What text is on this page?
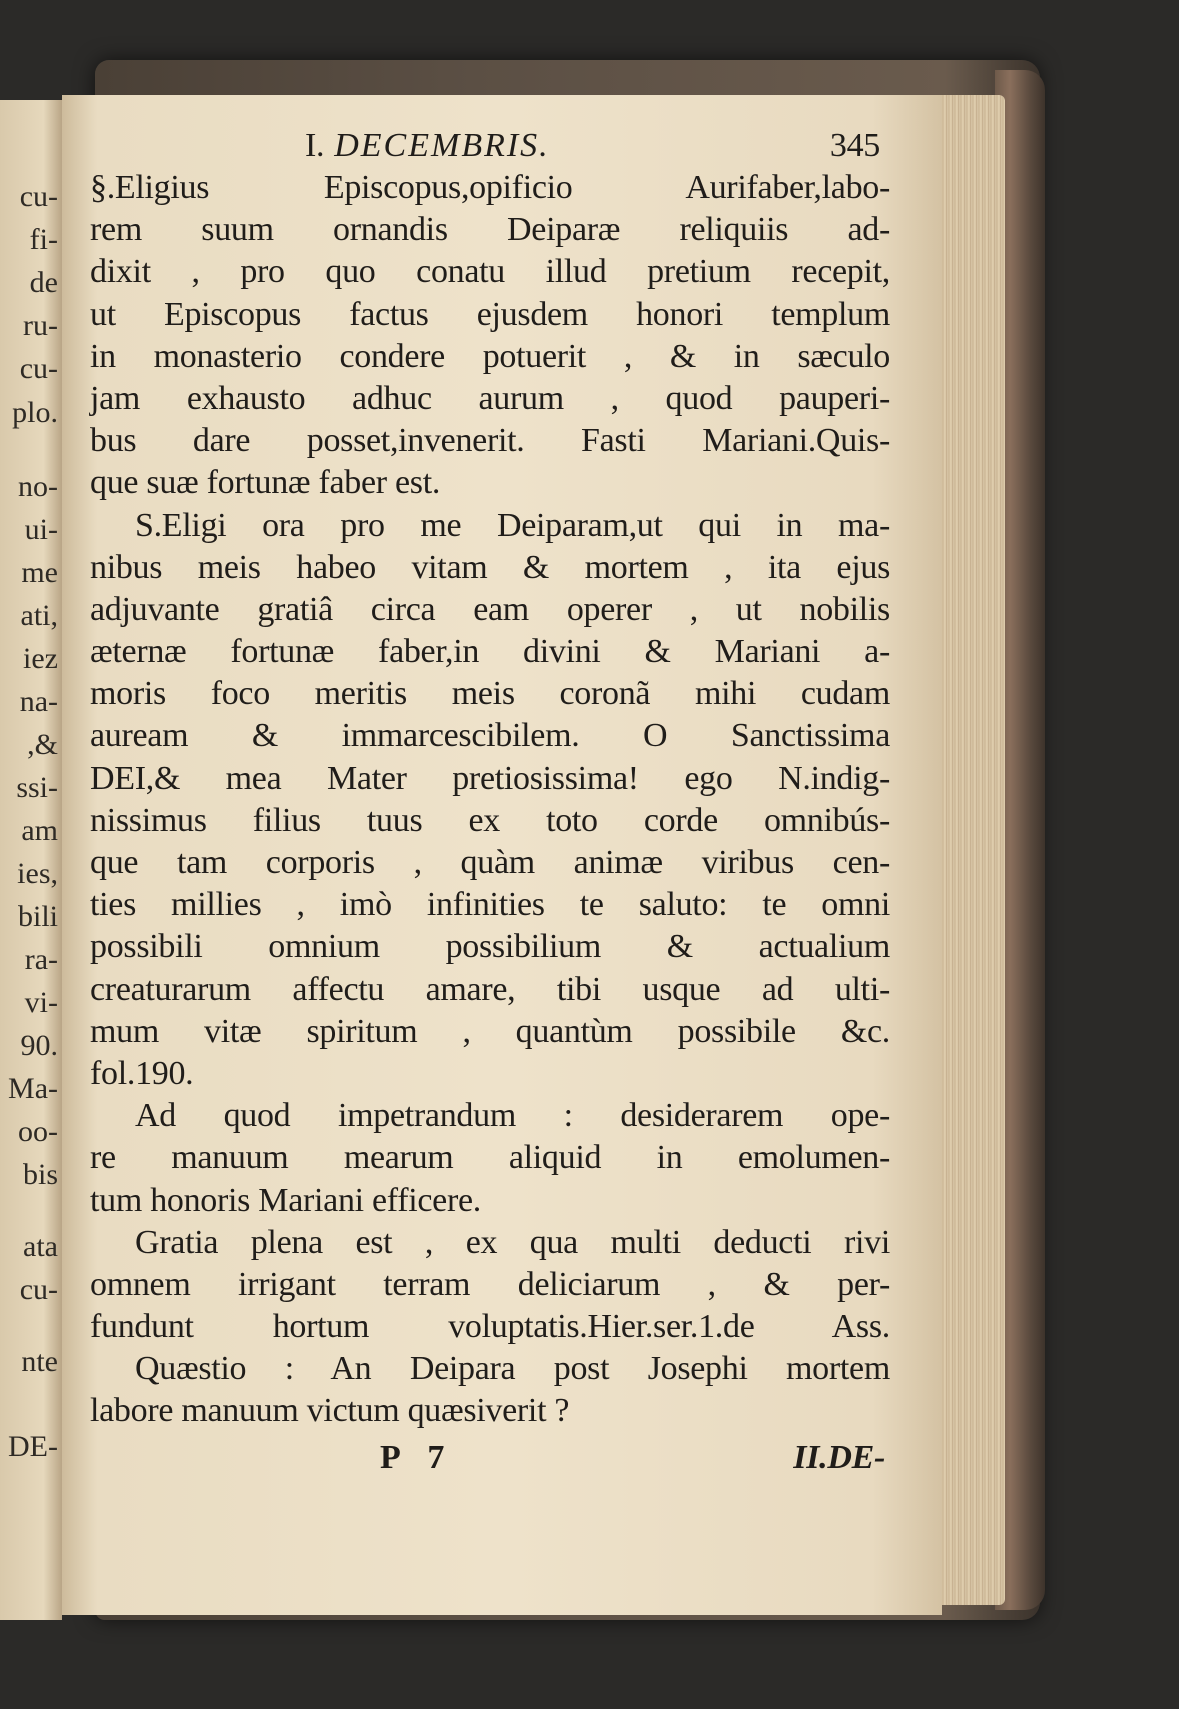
cu-
fi-
de
ru-
cu-
plo.
no-
ui-
me
ati,
iez
na-
,&
ssi-
am
ies,
bili
ra-
vi-
90.
Ma-
oo-
bis
ata
cu-
nte
DE-
I. DECEMBRIS.	345
§.Eligius Episcopus,opificio Aurifaber,labo-
rem suum ornandis Deiparæ reliquiis ad-
dixit , pro quo conatu illud pretium recepit,
ut Episcopus factus ejusdem honori templum
in monasterio condere potuerit , & in sæculo
jam exhausto adhuc aurum , quod pauperi-
bus dare posset,invenerit. Fasti Mariani.Quis-
que suæ fortunæ faber est.
S.Eligi ora pro me Deiparam,ut qui in ma-
nibus meis habeo vitam & mortem , ita ejus
adjuvante gratiâ circa eam operer , ut nobilis
æternæ fortunæ faber,in divini & Mariani a-
moris foco meritis meis coronã mihi cudam
auream & immarcescibilem. O Sanctissima
DEI,& mea Mater pretiosissima! ego N.indig-
nissimus filius tuus ex toto corde omnibús-
que tam corporis , quàm animæ viribus cen-
ties millies , imò infinities te saluto: te omni
possibili omnium possibilium & actualium
creaturarum affectu amare, tibi usque ad ulti-
mum vitæ spiritum , quantùm possibile &c.
fol.190.
Ad quod impetrandum : desiderarem ope-
re manuum mearum aliquid in emolumen-
tum honoris Mariani efficere.
Gratia plena est , ex qua multi deducti rivi
omnem irrigant terram deliciarum , & per-
fundunt hortum voluptatis.Hier.ser.1.de Ass.
Quæstio : An Deipara post Josephi mortem
labore manuum victum quæsiverit ?
P 7	II.DE-
